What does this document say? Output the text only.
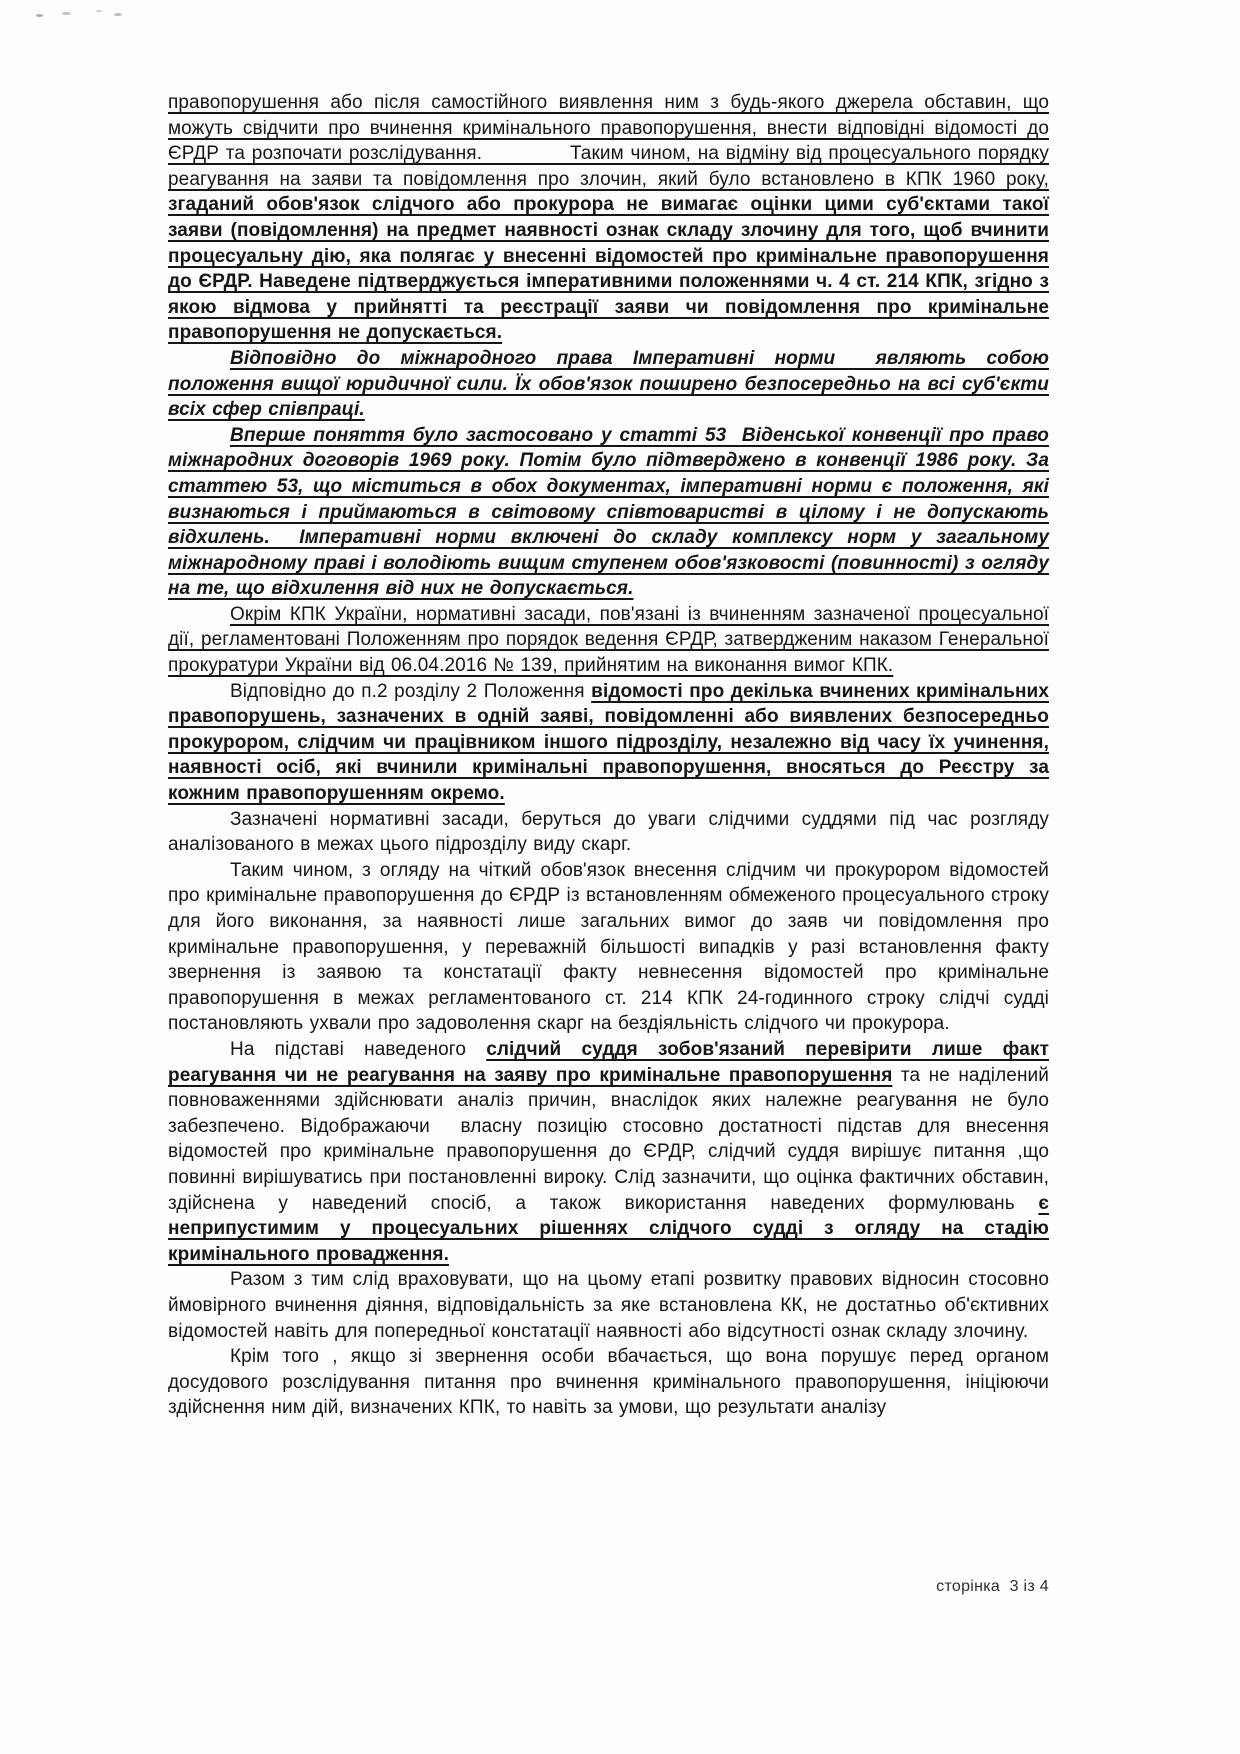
правопорушення або після самостійного виявлення ним з будь-якого джерела обставин, що можуть свідчити про вчинення кримінального правопорушення, внести відповідні відомості до ЄРДР та розпочати розслідування.             Таким чином, на відміну від процесуального порядку реагування на заяви та повідомлення про злочин, який було встановлено в КПК 1960 року, згаданий обов'язок слідчого або прокурора не вимагає оцінки цими суб'єктами такої заяви (повідомлення) на предмет наявності ознак складу злочину для того, щоб вчинити процесуальну дію, яка полягає у внесенні відомостей про кримінальне правопорушення до ЄРДР. Наведене підтверджується імперативними положеннями ч. 4 ст. 214 КПК, згідно з якою відмова у прийнятті та реєстрації заяви чи повідомлення про кримінальне правопорушення не допускається.

Відповідно до міжнародного права Імперативні норми  являють собою положення вищої юридичної сили. Їх обов'язок поширено безпосередньо на всі суб'єкти всіх сфер співпраці.

Вперше поняття було застосовано у статті 53  Віденської конвенції про право міжнародних договорів 1969 року. Потім було підтверджено в конвенції 1986 року. За статтею 53, що міститься в обох документах, імперативні норми є положення, які визнаються і приймаються в світовому співтоваристві в цілому і не допускають відхилень.  Імперативні норми включені до складу комплексу норм у загальному міжнародному праві і володіють вищим ступенем обов'язковості (повинності) з огляду на те, що відхилення від них не допускається.

Окрім КПК України, нормативні засади, пов'язані із вчиненням зазначеної процесуальної дії, регламентовані Положенням про порядок ведення ЄРДР, затвердженим наказом Генеральної прокуратури України від 06.04.2016 № 139, прийнятим на виконання вимог КПК.

Відповідно до п.2 розділу 2 Положення відомості про декілька вчинених кримінальних правопорушень, зазначених в одній заяві, повідомленні або виявлених безпосередньо прокурором, слідчим чи працівником іншого підрозділу, незалежно від часу їх учинення, наявності осіб, які вчинили кримінальні правопорушення, вносяться до Реєстру за кожним правопорушенням окремо.

Зазначені нормативні засади, беруться до уваги слідчими суддями під час розгляду аналізованого в межах цього підрозділу виду скарг.

Таким чином, з огляду на чіткий обов'язок внесення слідчим чи прокурором відомостей про кримінальне правопорушення до ЄРДР із встановленням обмеженого процесуального строку для його виконання, за наявності лише загальних вимог до заяв чи повідомлення про кримінальне правопорушення, у переважній більшості випадків у разі встановлення факту звернення із заявою та констатації факту невнесення відомостей про кримінальне правопорушення в межах регламентованого ст. 214 КПК 24-годинного строку слідчі судді постановляють ухвали про задоволення скарг на бездіяльність слідчого чи прокурора.

На підставі наведеного слідчий суддя зобов'язаний перевірити лише факт реагування чи не реагування на заяву про кримінальне правопорушення та не наділений повноваженнями здійснювати аналіз причин, внаслідок яких належне реагування не було забезпечено. Відображаючи  власну позицію стосовно достатності підстав для внесення відомостей про кримінальне правопорушення до ЄРДР, слідчий суддя вирішує питання ,що повинні вирішуватись при постановленні вироку. Слід зазначити, що оцінка фактичних обставин, здійснена у наведений спосіб, а також використання наведених формулювань є неприпустимим у процесуальних рішеннях слідчого судді з огляду на стадію кримінального провадження.

Разом з тим слід враховувати, що на цьому етапі розвитку правових відносин стосовно ймовірного вчинення діяння, відповідальність за яке встановлена КК, не достатньо об'єктивних відомостей навіть для попередньої констатації наявності або відсутності ознак складу злочину.

Крім того , якщо зі звернення особи вбачається, що вона порушує перед органом досудового розслідування питання про вчинення кримінального правопорушення, ініціюючи здійснення ним дій, визначених КПК, то навіть за умови, що результати аналізу

сторінка  3 із 4
